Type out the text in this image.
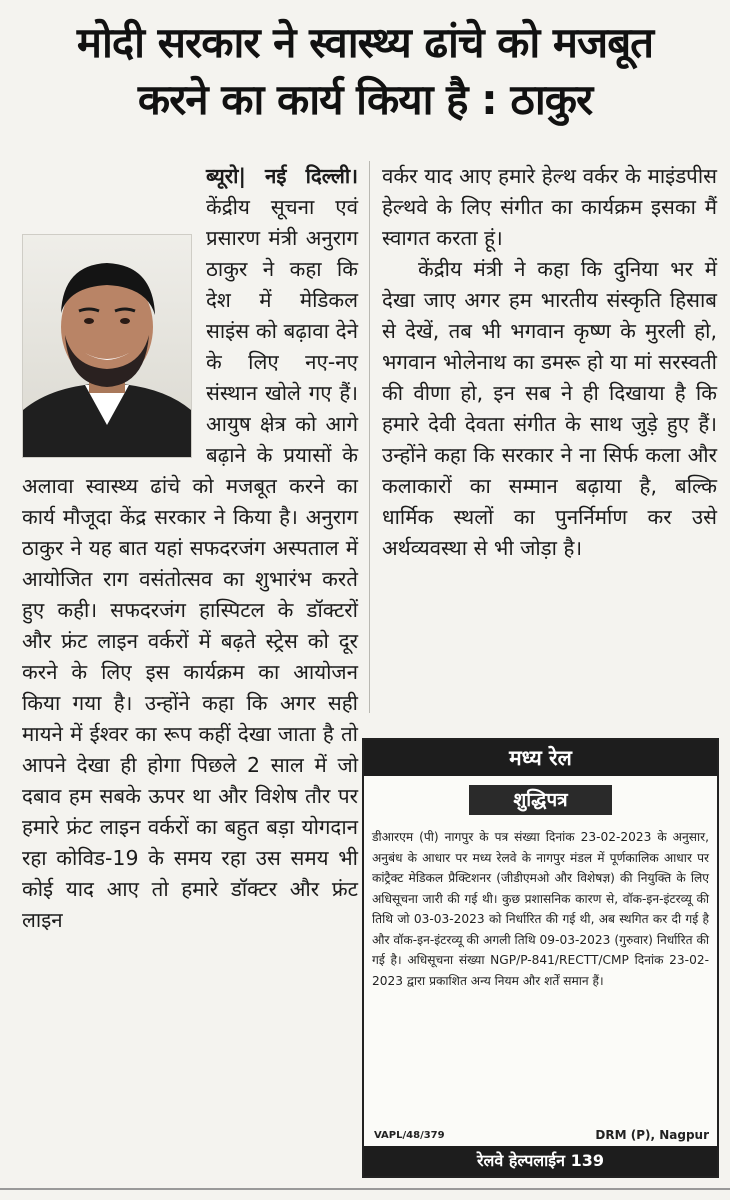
मोदी सरकार ने स्वास्थ्य ढांचे को मजबूत
करने का कार्य किया है : ठाकुर

ब्यूरो| नई दिल्ली।केंद्रीय सूचना एवं प्रसारण मंत्री अनुराग ठाकुर ने कहा कि देश में मेडिकल साइंस को बढ़ावा देने के लिए नए-नए संस्थान खोले गए हैं। आयुष क्षेत्र को आगे बढ़ाने के प्रयासों के अलावा स्वास्थ्य ढांचे को मजबूत करने का कार्य मौजूदा केंद्र सरकार ने किया है। अनुराग ठाकुर ने यह बात यहां सफदरजंग अस्पताल में आयोजित राग वसंतोत्सव का शुभारंभ करते हुए कही। सफदरजंग हास्पिटल के डॉक्टरों और फ्रंट लाइन वर्करों में बढ़ते स्ट्रेस को दूर करने के लिए इस कार्यक्रम का आयोजन किया गया है। उन्होंने कहा कि अगर सही मायने में ईश्वर का रूप कहीं देखा जाता है तो आपने देखा ही होगा पिछले 2 साल में जो दबाव हम सबके ऊपर था और विशेष तौर पर हमारे फ्रंट लाइन वर्करों का बहुत बड़ा योगदान रहा कोविड-19 के समय रहा उस समय भी कोई याद आए तो हमारे डॉक्टर और फ्रंट लाइन

वर्कर याद आए हमारे हेल्थ वर्कर के माइंडपीस हेल्थवे के लिए संगीत का कार्यक्रम इसका मैं स्वागत करता हूं।

केंद्रीय मंत्री ने कहा कि दुनिया भर में देखा जाए अगर हम भारतीय संस्कृति हिसाब से देखें, तब भी भगवान कृष्ण के मुरली हो, भगवान भोलेनाथ का डमरू हो या मां सरस्वती की वीणा हो, इन सब ने ही दिखाया है कि हमारे देवी देवता संगीत के साथ जुड़े हुए हैं। उन्होंने कहा कि सरकार ने ना सिर्फ कला और कलाकारों का सम्मान बढ़ाया है, बल्कि धार्मिक स्थलों का पुनर्निर्माण कर उसे अर्थव्यवस्था से भी जोड़ा है।

मध्य रेल
शुद्धिपत्र
डीआरएम (पी) नागपुर के पत्र संख्या दिनांक 23-02-2023 के अनुसार, अनुबंध के आधार पर मध्य रेलवे के नागपुर मंडल में पूर्णकालिक आधार पर कांट्रैक्ट मेडिकल प्रैक्टिशनर (जीडीएमओ और विशेषज्ञ) की नियुक्ति के लिए अधिसूचना जारी की गई थी। कुछ प्रशासनिक कारण से, वॉक-इन-इंटरव्यू की तिथि जो 03-03-2023 को निर्धारित की गई थी, अब स्थगित कर दी गई है और वॉक-इन-इंटरव्यू की अगली तिथि 09-03-2023 (गुरुवार) निर्धारित की गई है। अधिसूचना संख्या NGP/P-841/RECTT/CMP दिनांक 23-02-2023 द्वारा प्रकाशित अन्य नियम और शर्तें समान हैं।
VAPL/48/379	DRM (P), Nagpur
रेलवे हेल्पलाईन 139
